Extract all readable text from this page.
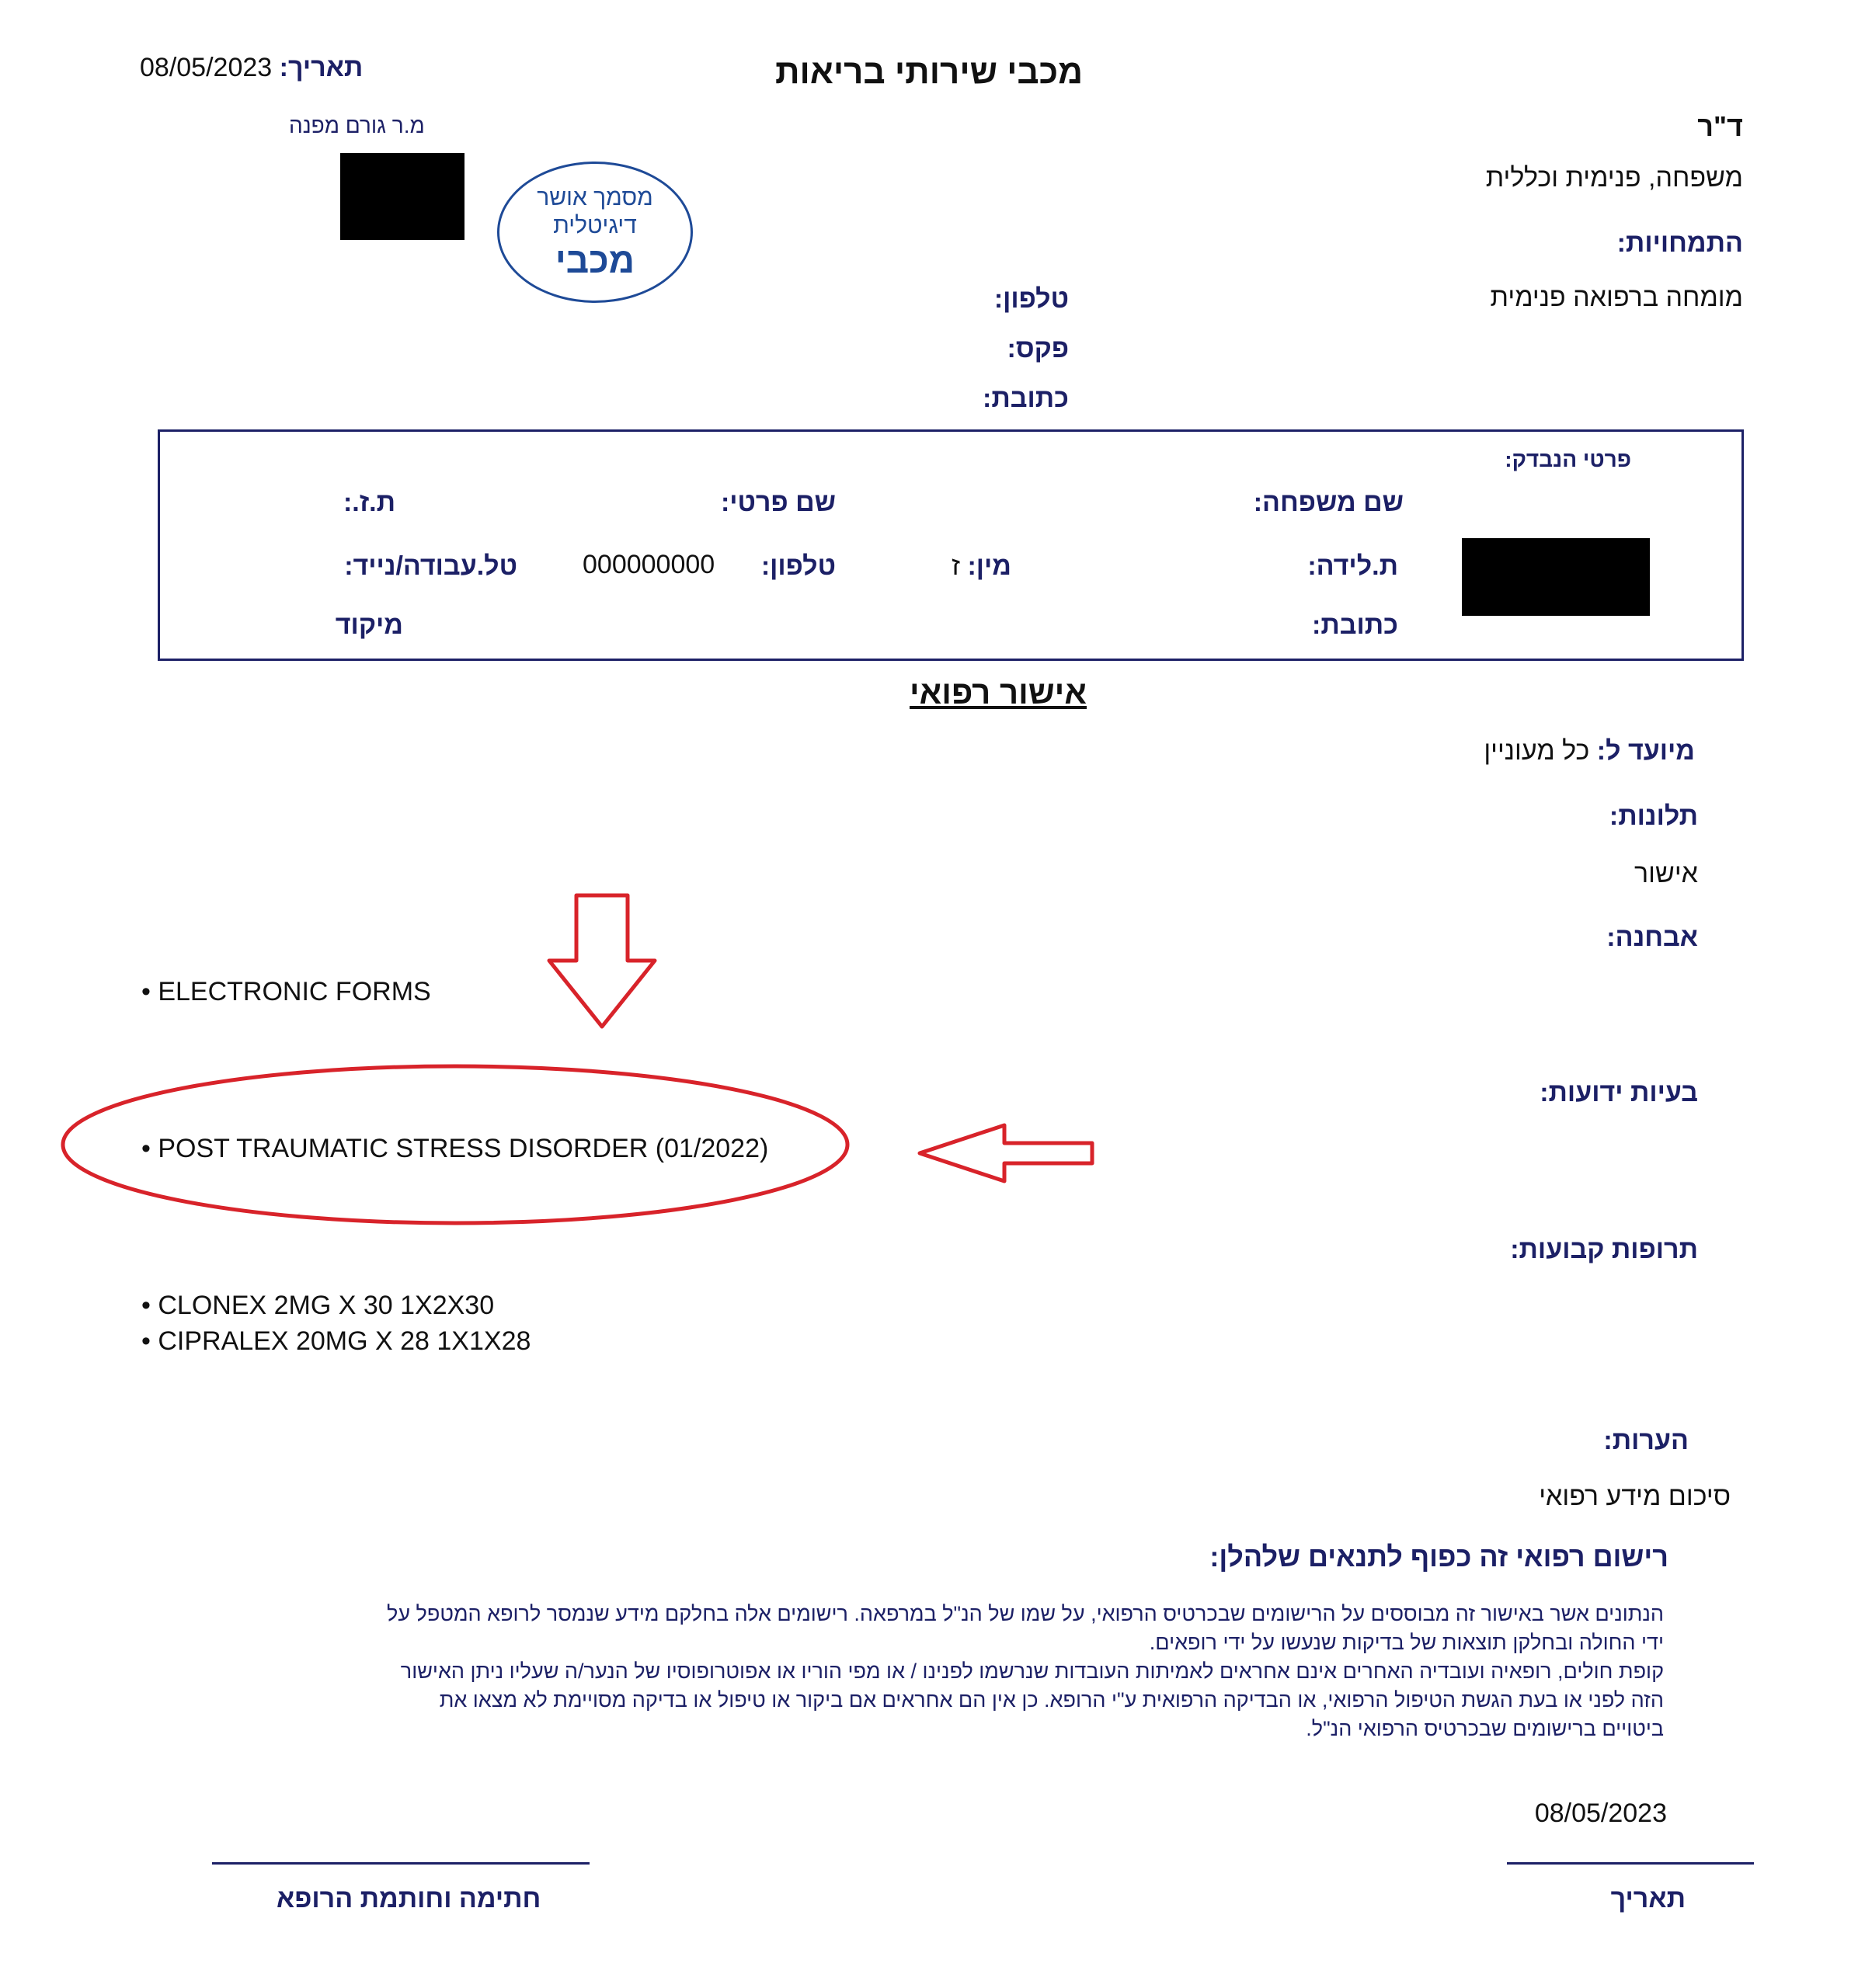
מכבי שירותי בריאות
תאריך: 08/05/2023
ד"ר
משפחה, פנימית וכללית
התמחויות:
מומחה ברפואה פנימית
מ.ר גורם מפנה
מסמך אושר
דיגיטלית
מכבי
טלפון:
פקס:
כתובת:
פרטי הנבדק:
שם משפחה:
שם פרטי:
ת.ז.:
ת.לידה:
מין: ז
טלפון:
000000000
טל.עבודה/נייד:
כתובת:
מיקוד
אישור רפואי
מיועד ל: כל מעוניין
תלונות:
אישור
אבחנה:
• ELECTRONIC FORMS
בעיות ידועות:
• POST TRAUMATIC STRESS DISORDER (01/2022)
תרופות קבועות:
• CLONEX 2MG X 30 1X2X30
• CIPRALEX 20MG X 28 1X1X28
הערות:
סיכום מידע רפואי
רישום רפואי זה כפוף לתנאים שלהלן:

הנתונים אשר באישור זה מבוססים על הרישומים שבכרטיס הרפואי, על שמו של הנ"ל במרפאה. רישומים אלה בחלקם מידע שנמסר לרופא המטפל על ידי החולה ובחלקן תוצאות של בדיקות שנעשו על ידי רופאים.

קופת חולים, רופאיה ועובדיה האחרים אינם אחראים לאמיתות העובדות שנרשמו לפנינו / או מפי הוריו או אפוטרופוסיו של הנער/ה שעליו ניתן האישור הזה לפני או בעת הגשת הטיפול הרפואי, או הבדיקה הרפואית ע"י הרופא. כן אין הם אחראים אם ביקור או טיפול או בדיקה מסויימת לא מצאו את ביטויים ברישומים שבכרטיס הרפואי הנ"ל.

08/05/2023
תאריך
חתימה וחותמת הרופא
